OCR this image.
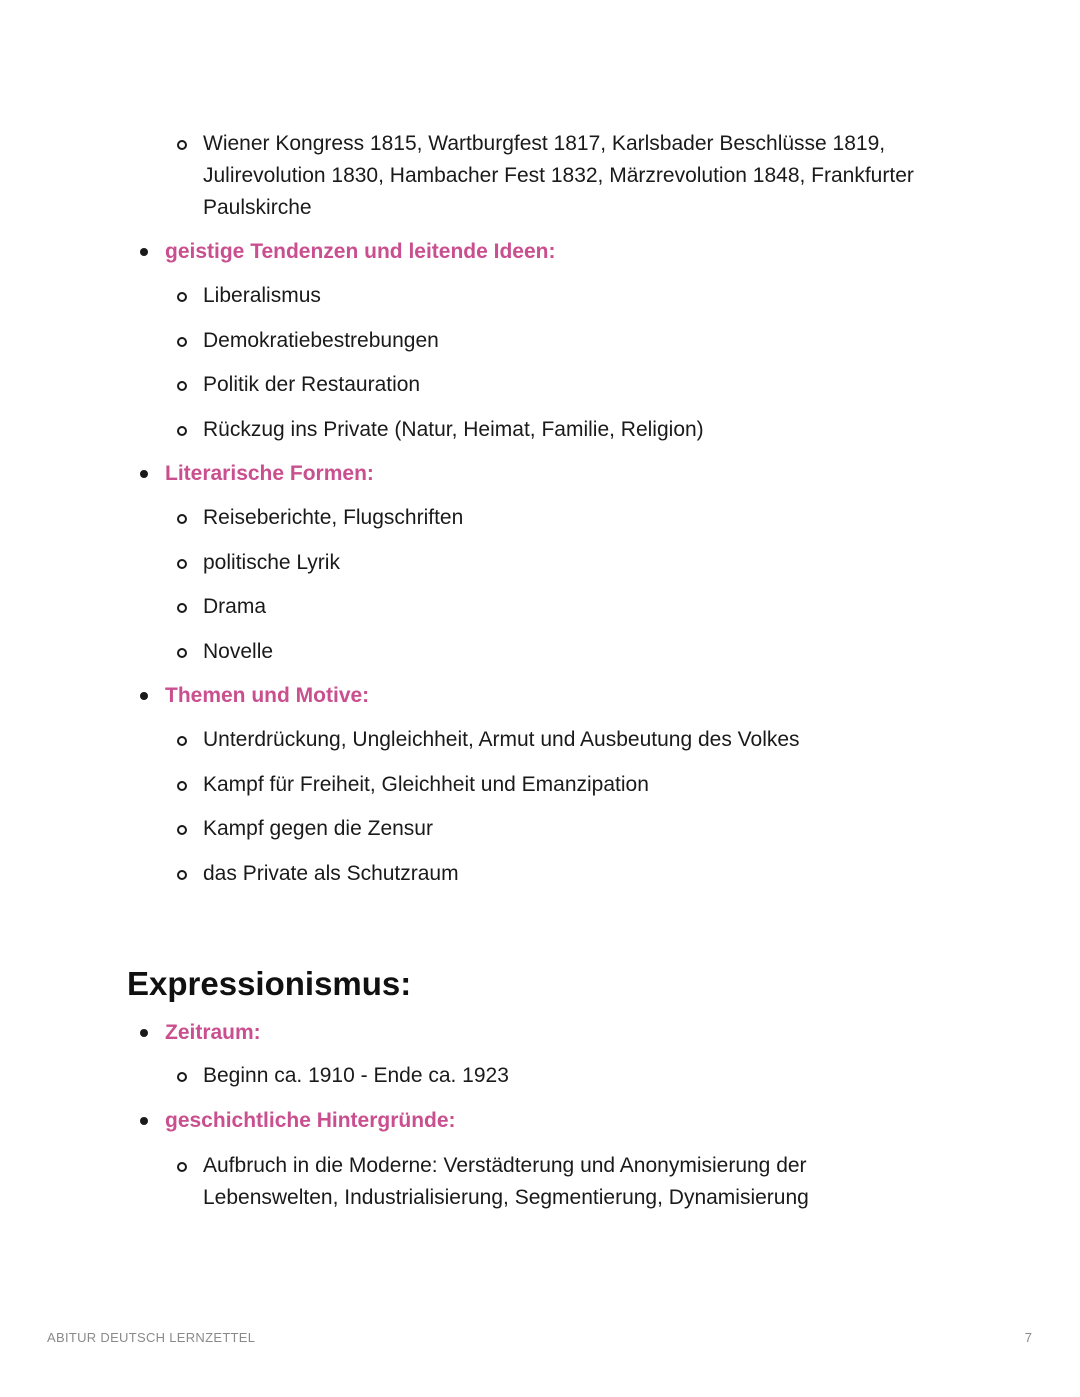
Wiener Kongress 1815, Wartburgfest 1817, Karlsbader Beschlüsse 1819, Julirevolution 1830, Hambacher Fest 1832, Märzrevolution 1848, Frankfurter Paulskirche
geistige Tendenzen und leitende Ideen:
Liberalismus
Demokratiebestrebungen
Politik der Restauration
Rückzug ins Private (Natur, Heimat, Familie, Religion)
Literarische Formen:
Reiseberichte, Flugschriften
politische Lyrik
Drama
Novelle
Themen und Motive:
Unterdrückung, Ungleichheit, Armut und Ausbeutung des Volkes
Kampf für Freiheit, Gleichheit und Emanzipation
Kampf gegen die Zensur
das Private als Schutzraum
Expressionismus:
Zeitraum:
Beginn ca. 1910 - Ende ca. 1923
geschichtliche Hintergründe:
Aufbruch in die Moderne: Verstädterung und Anonymisierung der Lebenswelten, Industrialisierung, Segmentierung, Dynamisierung
ABITUR DEUTSCH LERNZETTEL	7
